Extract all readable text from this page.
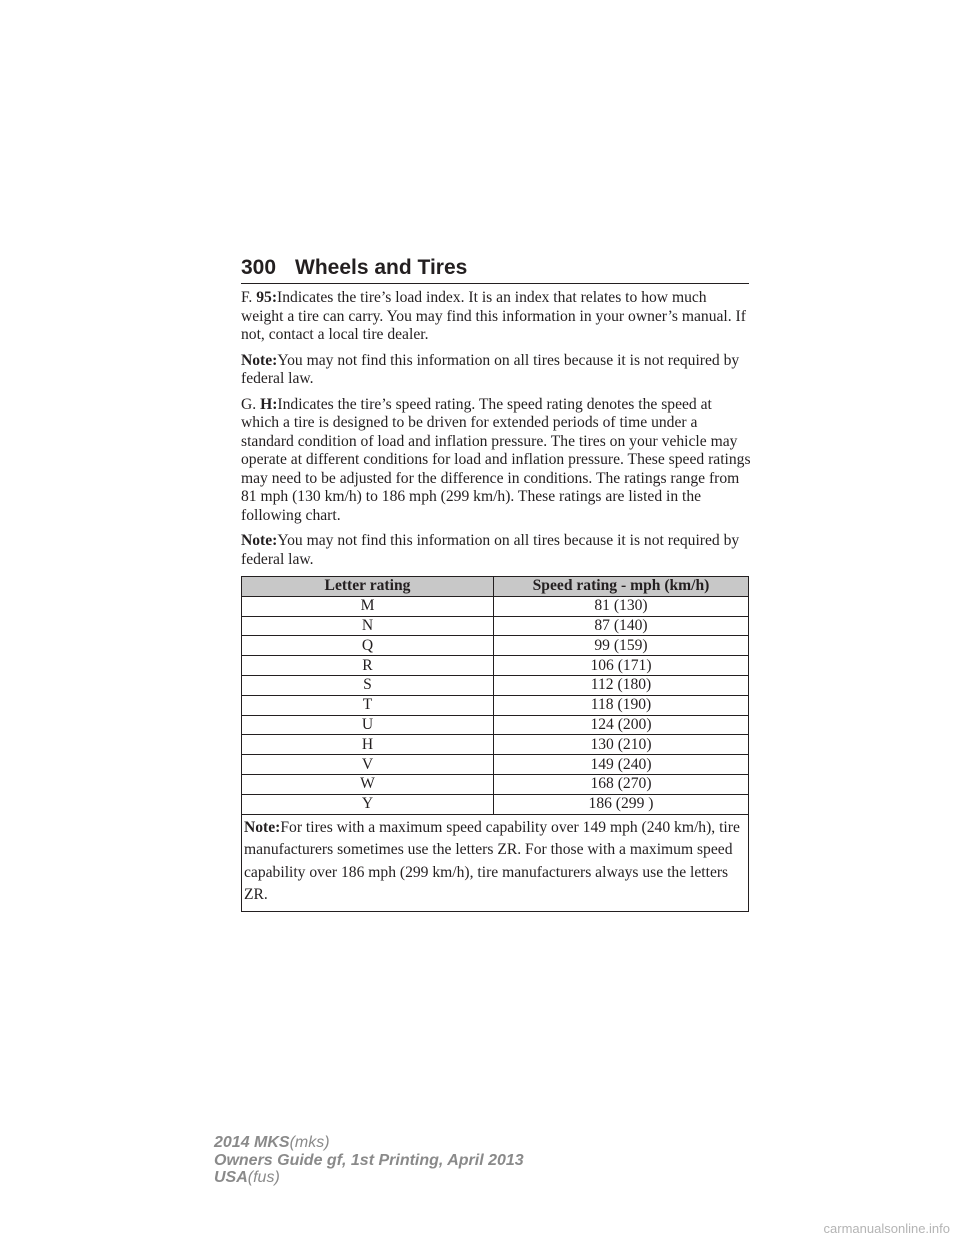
300 Wheels and Tires

F. 95:Indicates the tire’s load index. It is an index that relates to how much weight a tire can carry. You may find this information in your owner’s manual. If not, contact a local tire dealer.

Note:You may not find this information on all tires because it is not required by federal law.

G. H:Indicates the tire’s speed rating. The speed rating denotes the speed at which a tire is designed to be driven for extended periods of time under a standard condition of load and inflation pressure. The tires on your vehicle may operate at different conditions for load and inflation pressure. These speed ratings may need to be adjusted for the difference in conditions. The ratings range from 81 mph (130 km/h) to 186 mph (299 km/h). These ratings are listed in the following chart.

Note:You may not find this information on all tires because it is not required by federal law.

Letter rating	Speed rating - mph (km/h)
M	81 (130)
N	87 (140)
Q	99 (159)
R	106 (171)
S	112 (180)
T	118 (190)
U	124 (200)
H	130 (210)
V	149 (240)
W	168 (270)
Y	186 (299 )
Note:For tires with a maximum speed capability over 149 mph (240 km/h), tire manufacturers sometimes use the letters ZR. For those with a maximum speed capability over 186 mph (299 km/h), tire manufacturers always use the letters ZR.	
2014 MKS(mks)
Owners Guide gf, 1st Printing, April 2013
USA(fus)
carmanualsonline.info
